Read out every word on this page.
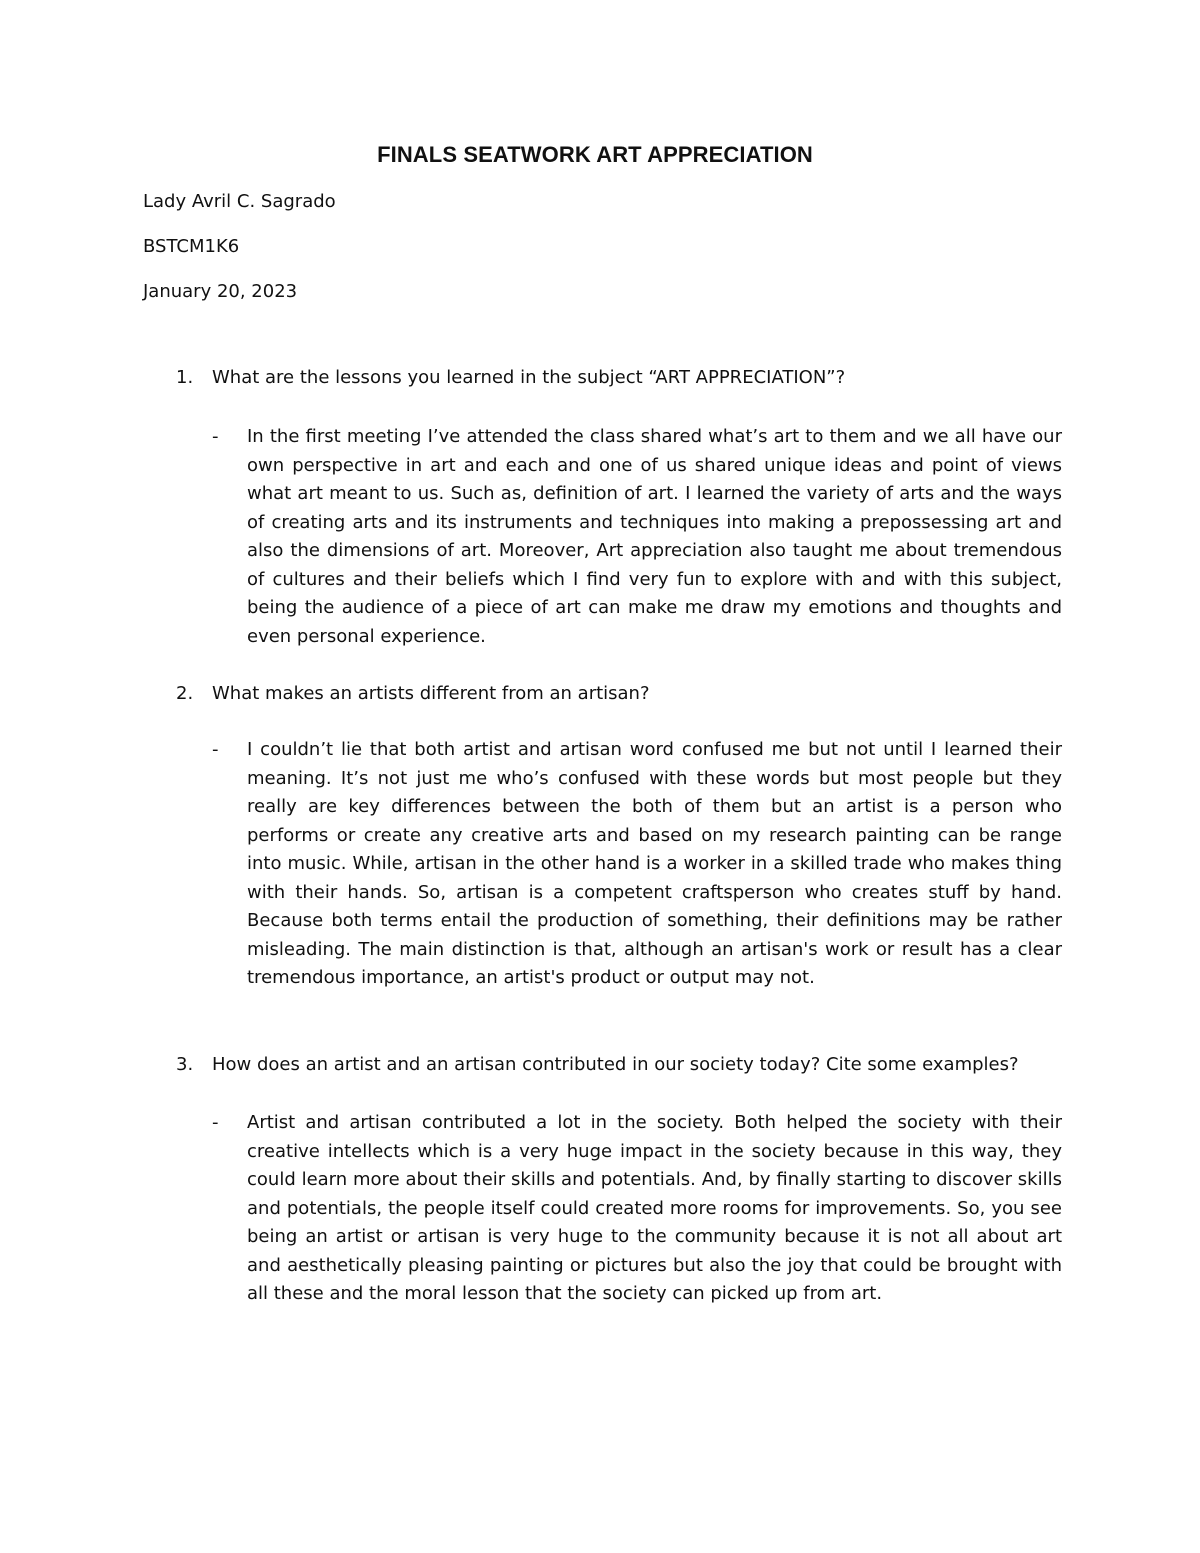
FINALS SEATWORK ART APPRECIATION
Lady Avril C. Sagrado
BSTCM1K6
January 20, 2023
1.	What are the lessons you learned in the subject “ART APPRECIATION”?
- In the first meeting I’ve attended the class shared what’s art to them and we all have our own perspective in art and each and one of us shared unique ideas and point of views what art meant to us. Such as, definition of art. I learned the variety of arts and the ways of creating arts and its instruments and techniques into making a prepossessing art and also the dimensions of art. Moreover, Art appreciation also taught me about tremendous of cultures and their beliefs which I find very fun to explore with and with this subject, being the audience of a piece of art can make me draw my emotions and thoughts and even personal experience.
2.	What makes an artists different from an artisan?
- I couldn’t lie that both artist and artisan word confused me but not until I learned their meaning. It’s not just me who’s confused with these words but most people but they really are key differences between the both of them but an artist is a person who performs or create any creative arts and based on my research painting can be range into music. While, artisan in the other hand is a worker in a skilled trade who makes thing with their hands. So, artisan is a competent craftsperson who creates stuff by hand. Because both terms entail the production of something, their definitions may be rather misleading. The main distinction is that, although an artisan's work or result has a clear tremendous importance, an artist's product or output may not.
3.	How does an artist and an artisan contributed in our society today? Cite some examples?
- Artist and artisan contributed a lot in the society. Both helped the society with their creative intellects which is a very huge impact in the society because in this way, they could learn more about their skills and potentials. And, by finally starting to discover skills and potentials, the people itself could created more rooms for improvements. So, you see being an artist or artisan is very huge to the community because it is not all about art and aesthetically pleasing painting or pictures but also the joy that could be brought with all these and the moral lesson that the society can picked up from art.
